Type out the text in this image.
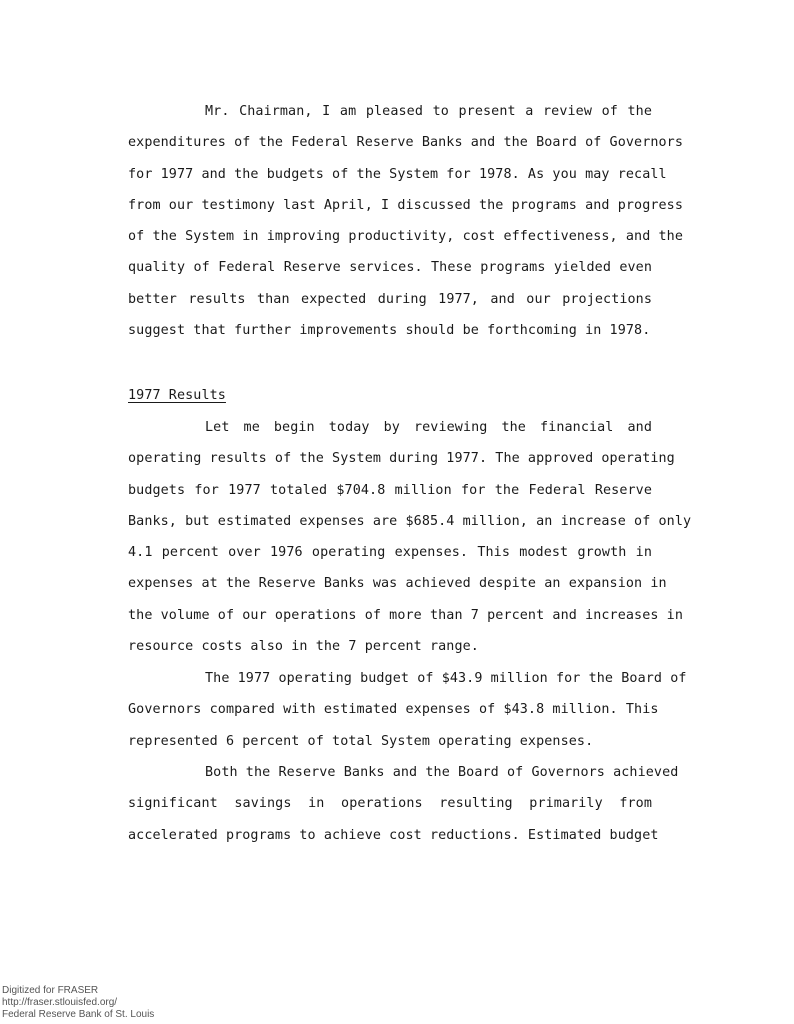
Mr. Chairman, I am pleased to present a review of the
expenditures of the Federal Reserve Banks and the Board of Governors
for 1977 and the budgets of the System for 1978. As you may recall
from our testimony last April, I discussed the programs and progress
of the System in improving productivity, cost effectiveness, and the
quality of Federal Reserve services. These programs yielded even
better results than expected during 1977, and our projections
suggest that further improvements should be forthcoming in 1978.
1977 Results
Let me begin today by reviewing the financial and
operating results of the System during 1977. The approved operating
budgets for 1977 totaled $704.8 million for the Federal Reserve
Banks, but estimated expenses are $685.4 million, an increase of only
4.1 percent over 1976 operating expenses. This modest growth in
expenses at the Reserve Banks was achieved despite an expansion in
the volume of our operations of more than 7 percent and increases in
resource costs also in the 7 percent range.
The 1977 operating budget of $43.9 million for the Board of
Governors compared with estimated expenses of $43.8 million. This
represented 6 percent of total System operating expenses.
Both the Reserve Banks and the Board of Governors achieved
significant savings in operations resulting primarily from
accelerated programs to achieve cost reductions. Estimated budget
Digitized for FRASER
http://fraser.stlouisfed.org/
Federal Reserve Bank of St. Louis
